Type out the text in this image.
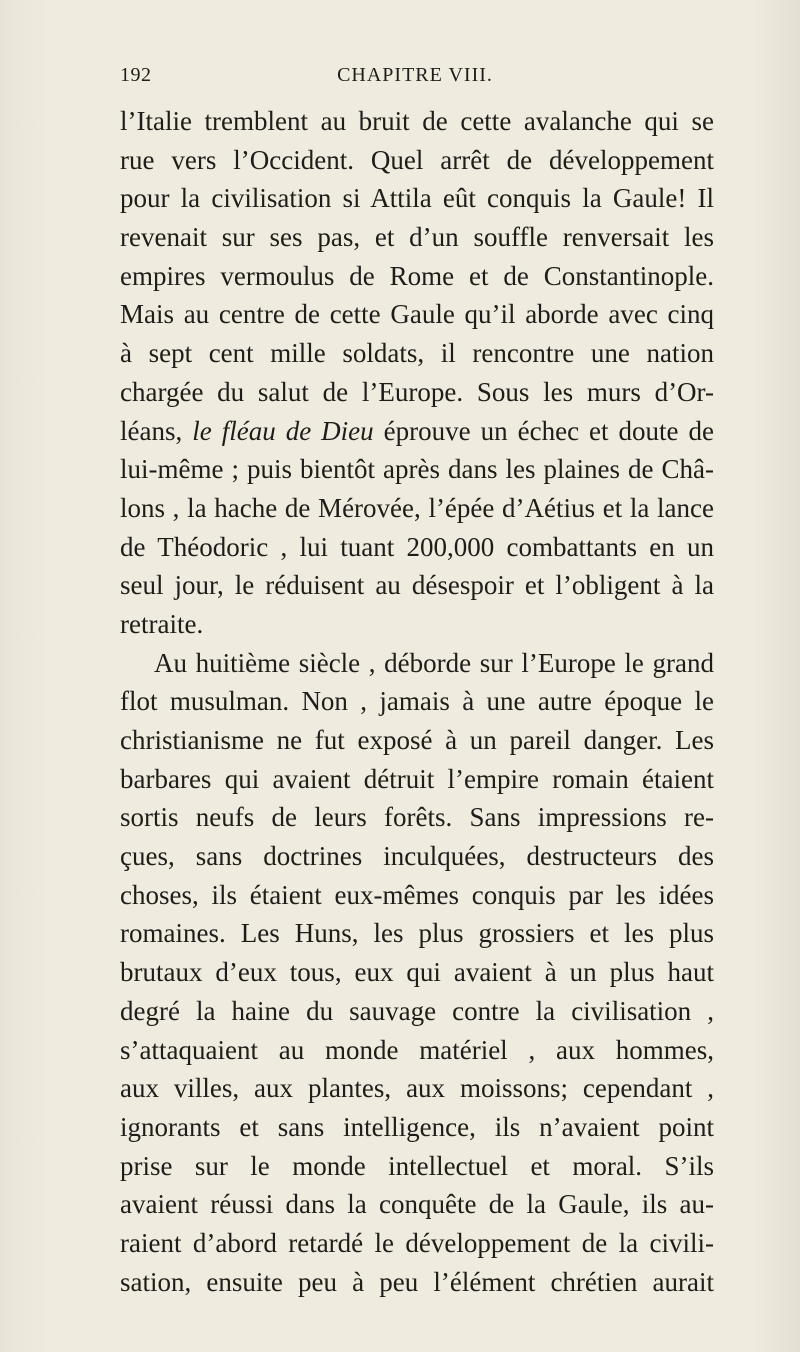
192	CHAPITRE VIII.
l’Italie tremblent au bruit de cette avalanche qui se
rue vers l’Occident. Quel arrêt de développement
pour la civilisation si Attila eût conquis la Gaule! Il
revenait sur ses pas, et d’un souffle renversait les
empires vermoulus de Rome et de Constantinople.
Mais au centre de cette Gaule qu’il aborde avec cinq
à sept cent mille soldats, il rencontre une nation
chargée du salut de l’Europe. Sous les murs d’Or-
léans, le fléau de Dieu éprouve un échec et doute de
lui-même ; puis bientôt après dans les plaines de Châ-
lons , la hache de Mérovée, l’épée d’Aétius et la lance
de Théodoric , lui tuant 200,000 combattants en un
seul jour, le réduisent au désespoir et l’obligent à la
retraite.
Au huitième siècle , déborde sur l’Europe le grand
flot musulman. Non , jamais à une autre époque le
christianisme ne fut exposé à un pareil danger. Les
barbares qui avaient détruit l’empire romain étaient
sortis neufs de leurs forêts. Sans impressions re-
çues, sans doctrines inculquées, destructeurs des
choses, ils étaient eux-mêmes conquis par les idées
romaines. Les Huns, les plus grossiers et les plus
brutaux d’eux tous, eux qui avaient à un plus haut
degré la haine du sauvage contre la civilisation ,
s’attaquaient au monde matériel , aux hommes,
aux villes, aux plantes, aux moissons; cependant ,
ignorants et sans intelligence, ils n’avaient point
prise sur le monde intellectuel et moral. S’ils
avaient réussi dans la conquête de la Gaule, ils au-
raient d’abord retardé le développement de la civili-
sation, ensuite peu à peu l’élément chrétien aurait
